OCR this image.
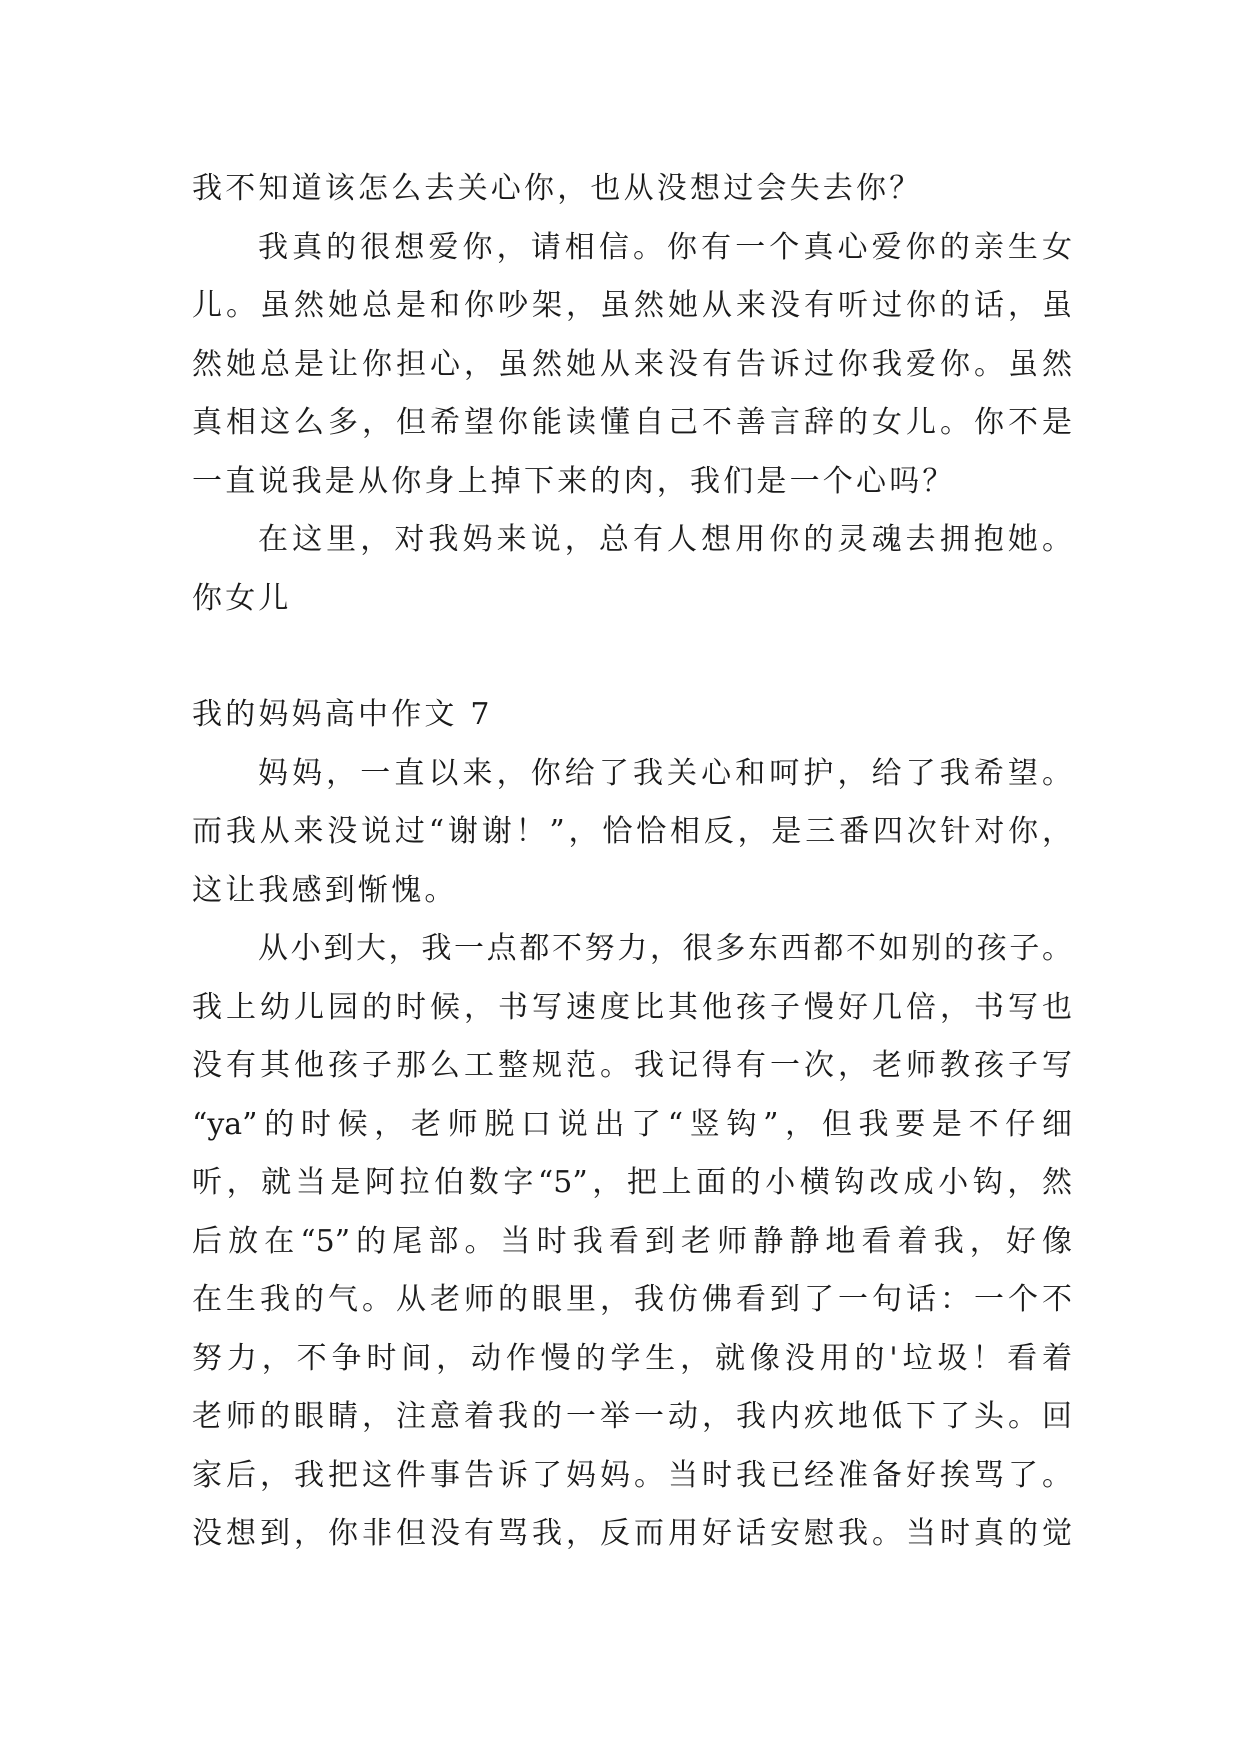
我不知道该怎么去关心你，也从没想过会失去你？
我真的很想爱你，请相信。你有一个真心爱你的亲生女
儿。虽然她总是和你吵架，虽然她从来没有听过你的话，虽
然她总是让你担心，虽然她从来没有告诉过你我爱你。虽然
真相这么多，但希望你能读懂自己不善言辞的女儿。你不是
一直说我是从你身上掉下来的肉，我们是一个心吗？
在这里，对我妈来说，总有人想用你的灵魂去拥抱她。
你女儿
我的妈妈高中作文 7
妈妈，一直以来，你给了我关心和呵护，给了我希望。
而我从来没说过“谢谢！”，恰恰相反，是三番四次针对你，
这让我感到惭愧。
从小到大，我一点都不努力，很多东西都不如别的孩子。
我上幼儿园的时候，书写速度比其他孩子慢好几倍，书写也
没有其他孩子那么工整规范。我记得有一次，老师教孩子写
“ya”的时候，老师脱口说出了“竖钩”，但我要是不仔细
听，就当是阿拉伯数字“5”，把上面的小横钩改成小钩，然
后放在“5”的尾部。当时我看到老师静静地看着我，好像
在生我的气。从老师的眼里，我仿佛看到了一句话：一个不
努力，不争时间，动作慢的学生，就像没用的'垃圾！看着
老师的眼睛，注意着我的一举一动，我内疚地低下了头。回
家后，我把这件事告诉了妈妈。当时我已经准备好挨骂了。
没想到，你非但没有骂我，反而用好话安慰我。当时真的觉
